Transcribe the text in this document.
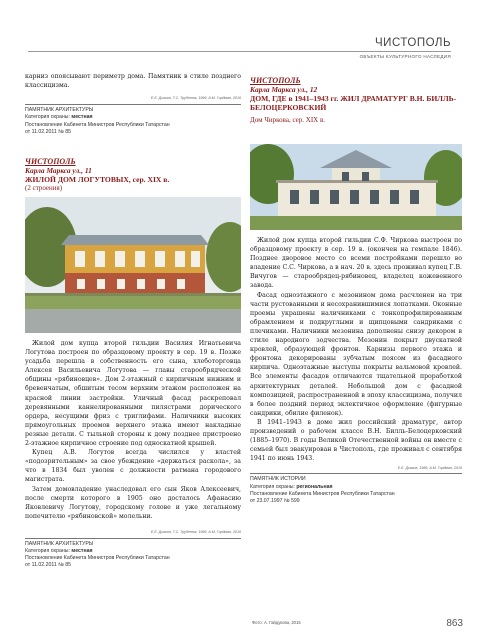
ЧИСТОПОЛЬ
ОБЪЕКТЫ КУЛЬТУРНОГО НАСЛЕДИЯ

карниз опоясывают периметр дома. Памятник в стиле позднего классицизма.

Е.Е. Дьяков, Т.С. Трубенюк, 1996; А.М. Гирдман, 2016
ПАМЯТНИК АРХИТЕКТУРЫ
Категория охраны: местная
Постановление Кабинета Министров Республики Татарстан
от 11.02.2011 № 85
ЧИСТОПОЛЬ
Карла Маркса ул., 11
ЖИЛОЙ ДОМ ЛОГУТОВЫХ, сер. XIX в.
(2 строения)

Жилой дом купца второй гильдии Василия Игнатьевича Логутова построен по образцовому проекту в сер. 19 в. Позже усадьба перешла в собственность его сына, хлеботорговца Алексея Васильевича Логутова — главы старообрядческой общины «рябиновцев». Дом 2-этажный с кирпичным нижним и бревенчатым, обшитым тесом верхним этажом расположен на красной линии застройки. Уличный фасад раскреповал деревянными каннелированными пилястрами дорического ордера, несущими фриз с триглифами. Наличники высоких прямоугольных проемов верхнего этажа имеют накладные резные детали. С тыльной стороны к дому позднее пристроено 2-этажное кирпичное строение под односкатной крышей.

Купец А.В. Логутов всегда числился у властей «подозрительным» за свое убеждение «держаться раскола», за что в 1834 был уволен с должности ратмана городового магистрата.

Затем домовладение унаследовал его сын Яков Алексеевич, после смерти которого в 1905 оно досталось Афанасию Яковлевичу Логутову, городскому голове и уже легальному попечителю «рябиновской» молельни.

Е.Е. Дьяков, Т.С. Трубенюк, 1996; А.М. Гирдман, 2016
ПАМЯТНИК АРХИТЕКТУРЫ
Категория охраны: местная
Постановление Кабинета Министров Республики Татарстан
от 11.02.2011 № 85
ЧИСТОПОЛЬ
Карла Маркса ул., 12
ДОМ, ГДЕ в 1941–1943 гг. ЖИЛ ДРАМАТУРГ В.Н. БИЛЛЬ-БЕЛОЦЕРКОВСКИЙ
Дом Чиркова, сер. XIX в.

Жилой дом купца второй гильдии С.Ф. Чиркова выстроен по образцовому проекту в сер. 19 в. (окончен на гемпале 1846). Позднее дворовое место со всеми постройками перешло во владение С.С. Чиркова, а в нач. 20 в. здесь проживал купец Г.В. Вичугов — старообрядец-рябиновец, владелец кожевенного завода.

Фасад одноэтажного с мезонином дома расчленен на три части рустованными и несохранившимися лопатками. Оконные проемы украшены наличниками с тонкопрофилированным обрамлением и подкруглыми и щипцовыми сандриками с плечиками. Наличники мезонина дополнены снизу декором в стиле народного зодчества. Мезонин покрыт двускатной кровлей, образующей фронтон. Карнизы первого этажа и фронтона декорированы зубчатым поясом из фасадного кирпича. Одноэтажные выступы покрыты вальмовой кровлей. Все элементы фасадов отличаются тщательной проработкой архитектурных деталей. Небольшой дом с фасадной композицией, распространенной в эпоху классицизма, получил в более поздний период эклектичное оформление (фигурные сандрики, обилие филенок).

В 1941–1943 в доме жил российский драматург, автор произведений о рабочем классе В.Н. Билль-Белоцерковский (1885–1970). В годы Великой Отечественной войны он вместе с семьей был эвакуирован в Чистополь, где проживал с сентября 1941 по июнь 1943.

Е.Е. Дьяков, 1986; А.М. Гирдман, 2016
ПАМЯТНИК ИСТОРИИ
Категория охраны: региональная
Постановление Кабинета Министров Республики Татарстан
от 23.07.1997 № 599
Фото: А. Гайдукова, 2015	863
